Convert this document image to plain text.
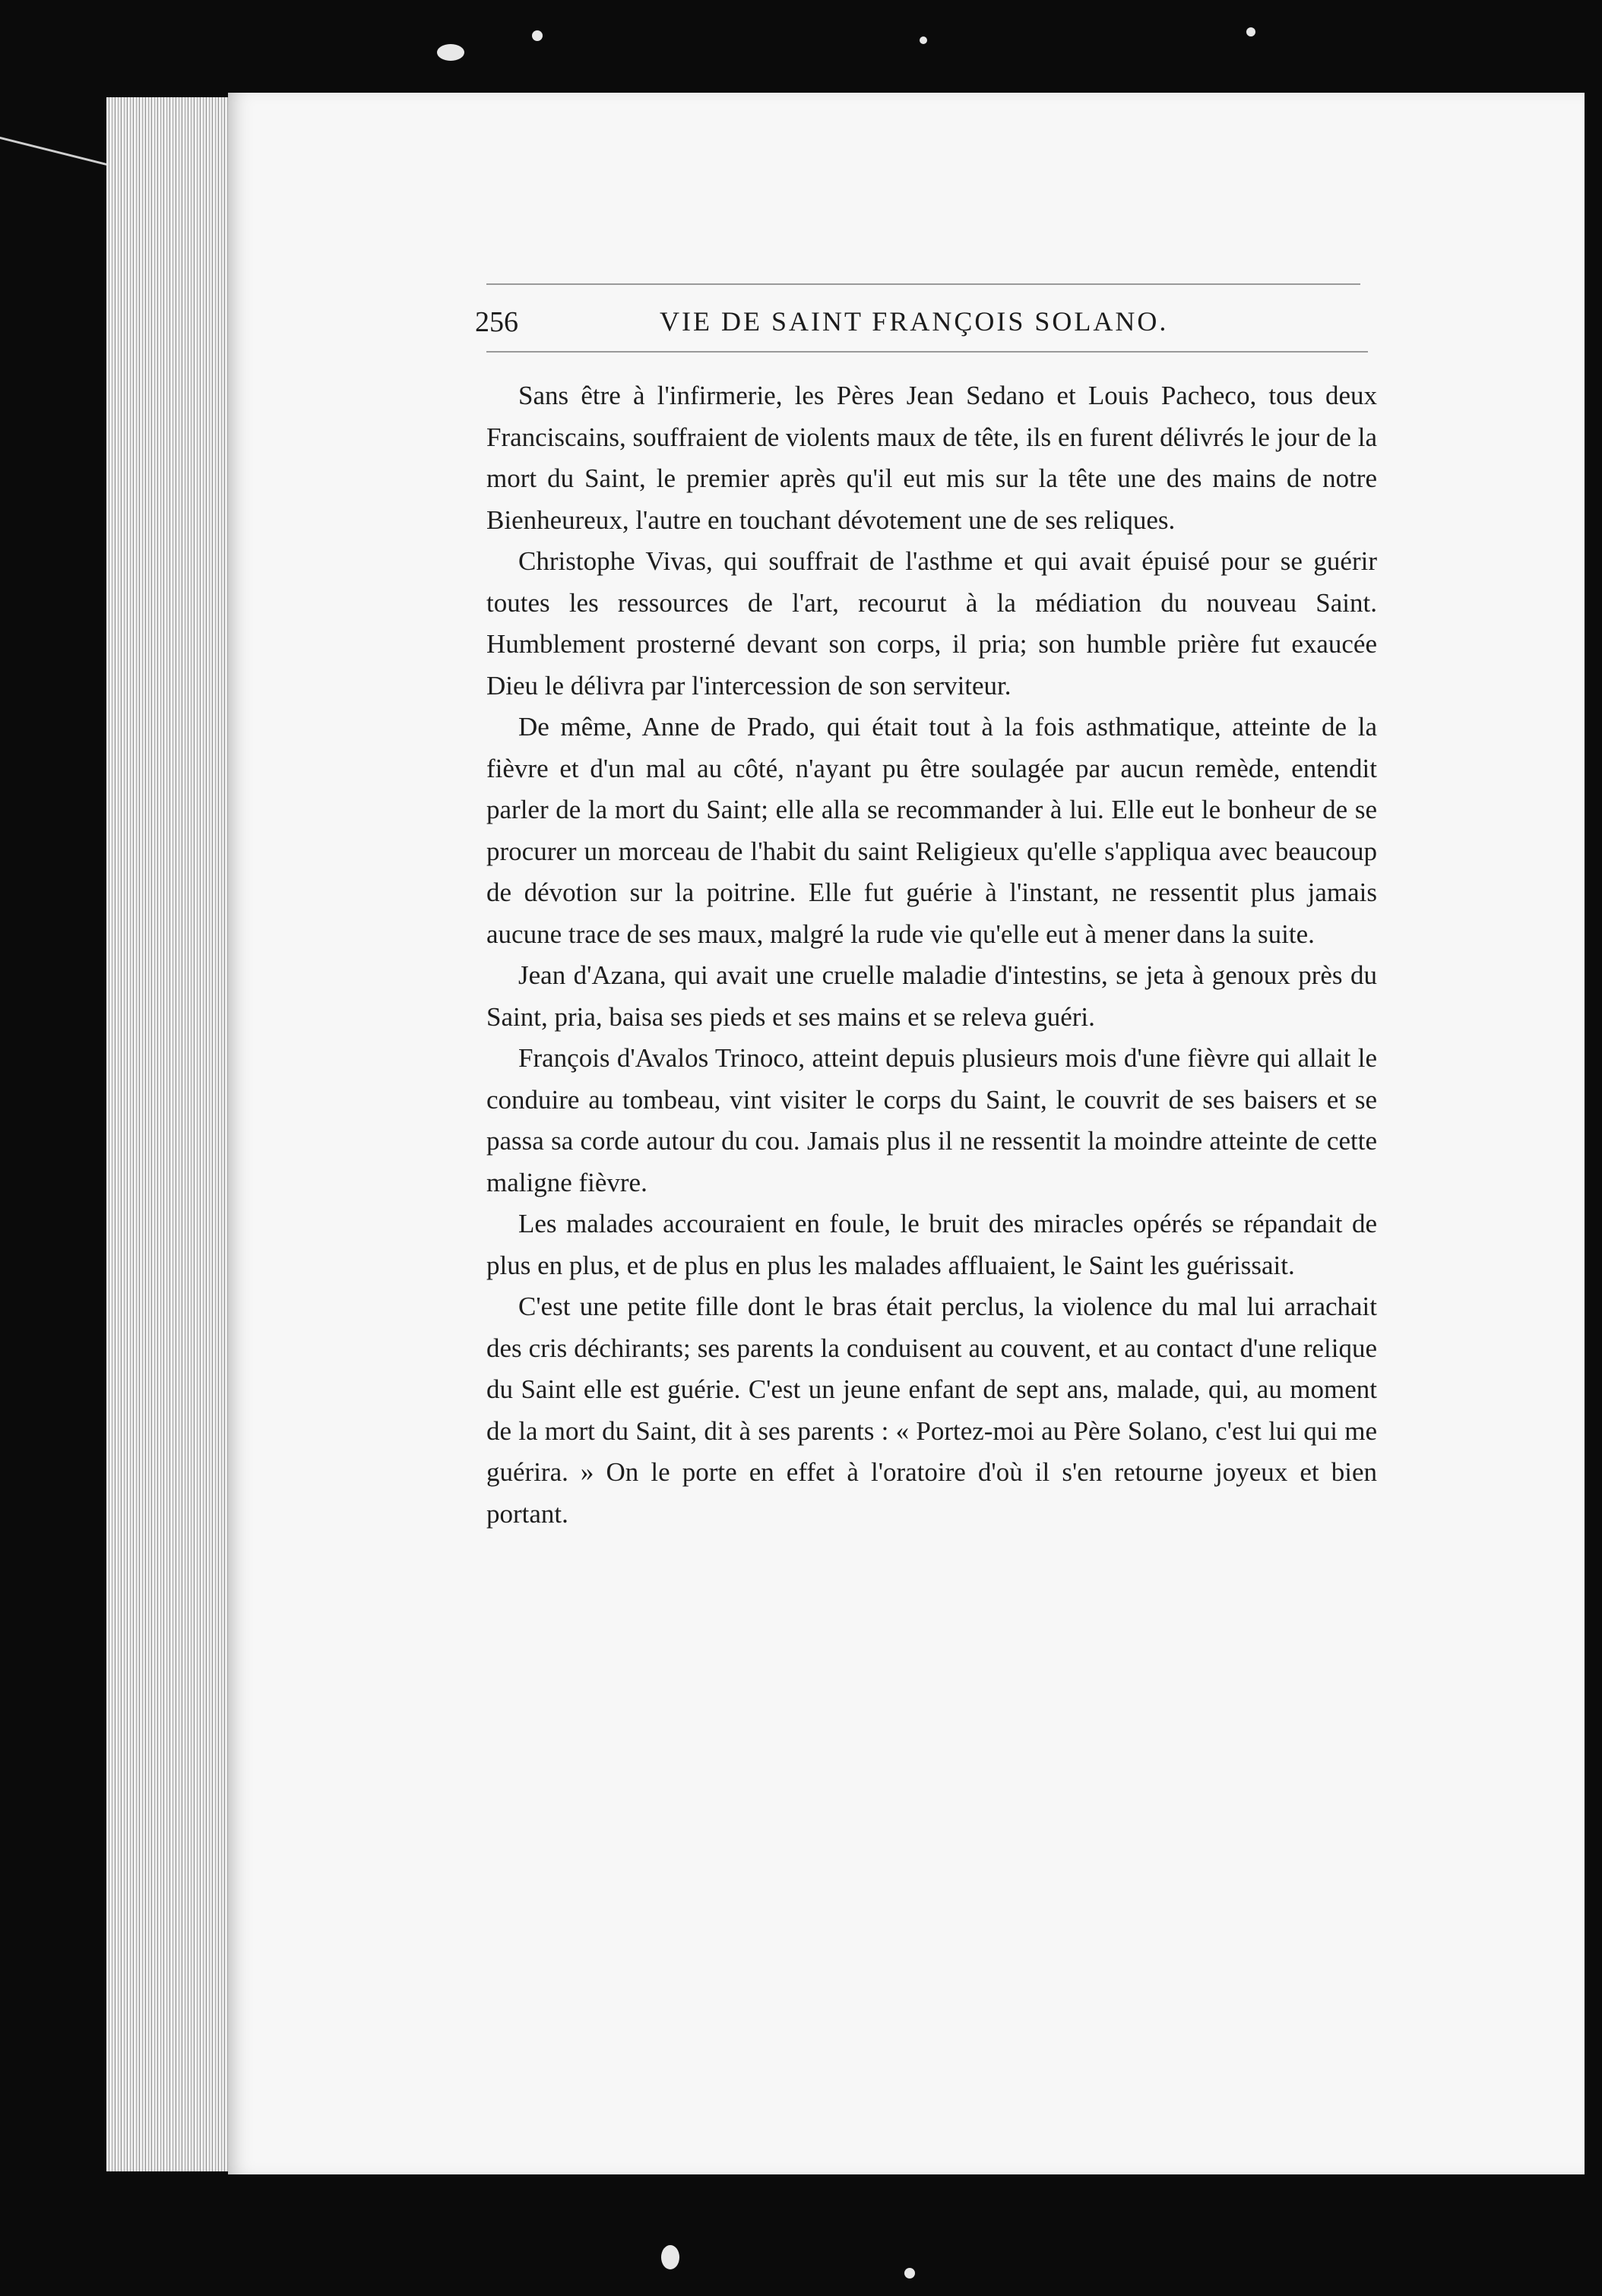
256	VIE DE SAINT FRANÇOIS SOLANO.

Sans être à l'infirmerie, les Pères Jean Sedano et Louis Pacheco, tous deux Franciscains, souffraient de violents maux de tête, ils en furent délivrés le jour de la mort du Saint, le premier après qu'il eut mis sur la tête une des mains de notre Bienheureux, l'autre en touchant dévotement une de ses reliques.

Christophe Vivas, qui souffrait de l'asthme et qui avait épuisé pour se guérir toutes les ressources de l'art, recourut à la médiation du nouveau Saint. Humblement prosterné devant son corps, il pria; son humble prière fut exaucée Dieu le délivra par l'intercession de son serviteur.

De même, Anne de Prado, qui était tout à la fois asthmatique, atteinte de la fièvre et d'un mal au côté, n'ayant pu être soulagée par aucun remède, entendit parler de la mort du Saint; elle alla se recommander à lui. Elle eut le bonheur de se procurer un morceau de l'habit du saint Religieux qu'elle s'appliqua avec beaucoup de dévotion sur la poitrine. Elle fut guérie à l'instant, ne ressentit plus jamais aucune trace de ses maux, malgré la rude vie qu'elle eut à mener dans la suite.

Jean d'Azana, qui avait une cruelle maladie d'intestins, se jeta à genoux près du Saint, pria, baisa ses pieds et ses mains et se releva guéri.

François d'Avalos Trinoco, atteint depuis plusieurs mois d'une fièvre qui allait le conduire au tombeau, vint visiter le corps du Saint, le couvrit de ses baisers et se passa sa corde autour du cou. Jamais plus il ne ressentit la moindre atteinte de cette maligne fièvre.

Les malades accouraient en foule, le bruit des miracles opérés se répandait de plus en plus, et de plus en plus les malades affluaient, le Saint les guérissait.

C'est une petite fille dont le bras était perclus, la violence du mal lui arrachait des cris déchirants; ses parents la conduisent au couvent, et au contact d'une relique du Saint elle est guérie. C'est un jeune enfant de sept ans, malade, qui, au moment de la mort du Saint, dit à ses parents : « Portez-moi au Père Solano, c'est lui qui me guérira. » On le porte en effet à l'oratoire d'où il s'en retourne joyeux et bien portant.
